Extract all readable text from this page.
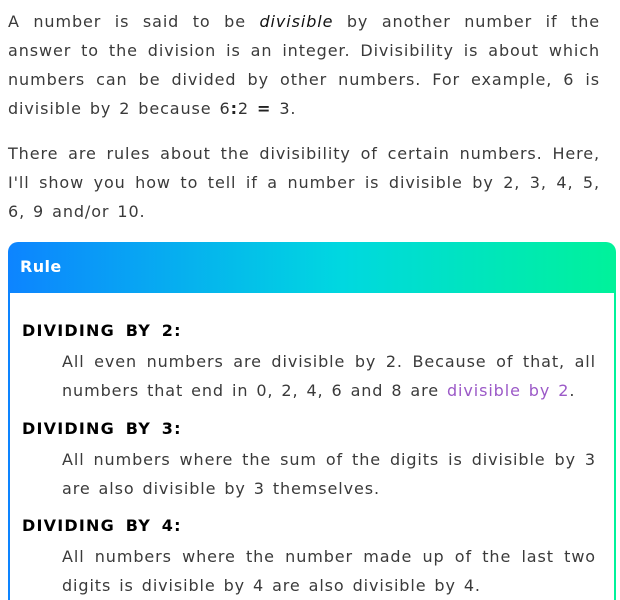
A number is said to be divisible by another number if the answer to the division is an integer. Divisibility is about which numbers can be divided by other numbers. For example, 6 is divisible by 2 because 6:2 = 3.

There are rules about the divisibility of certain numbers. Here, I'll show you how to tell if a number is divisible by 2, 3, 4, 5, 6, 9 and/or 10.

Rule
DIVIDING BY 2:

All even numbers are divisible by 2. Because of that, all numbers that end in 0, 2, 4, 6 and 8 are divisible by 2.

DIVIDING BY 3:

All numbers where the sum of the digits is divisible by 3 are also divisible by 3 themselves.

DIVIDING BY 4:

All numbers where the number made up of the last two digits is divisible by 4 are also divisible by 4.
